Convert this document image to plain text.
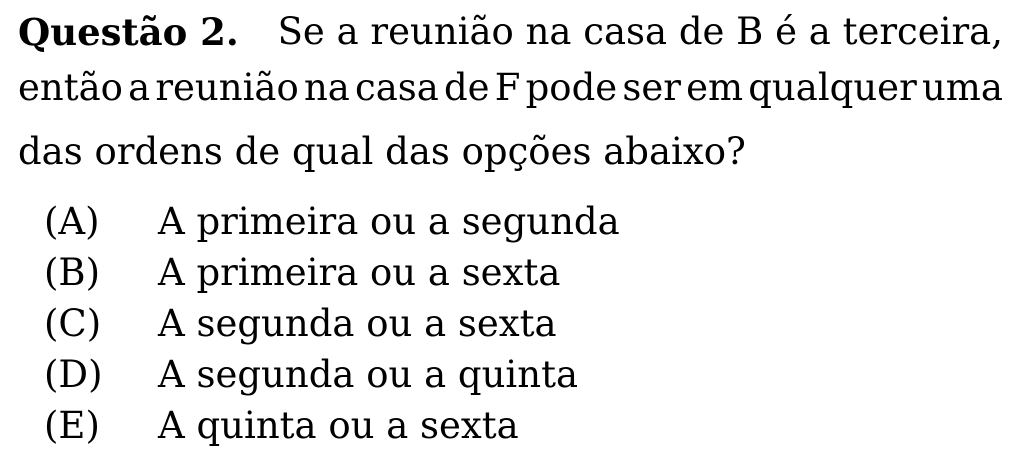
Questão 2. Se a reunião na casa de B é a terceira,
então a reunião na casa de F pode ser em qualquer uma
das ordens de qual das opções abaixo?
(A) A primeira ou a segunda
(B) A primeira ou a sexta
(C) A segunda ou a sexta
(D) A segunda ou a quinta
(E) A quinta ou a sexta
